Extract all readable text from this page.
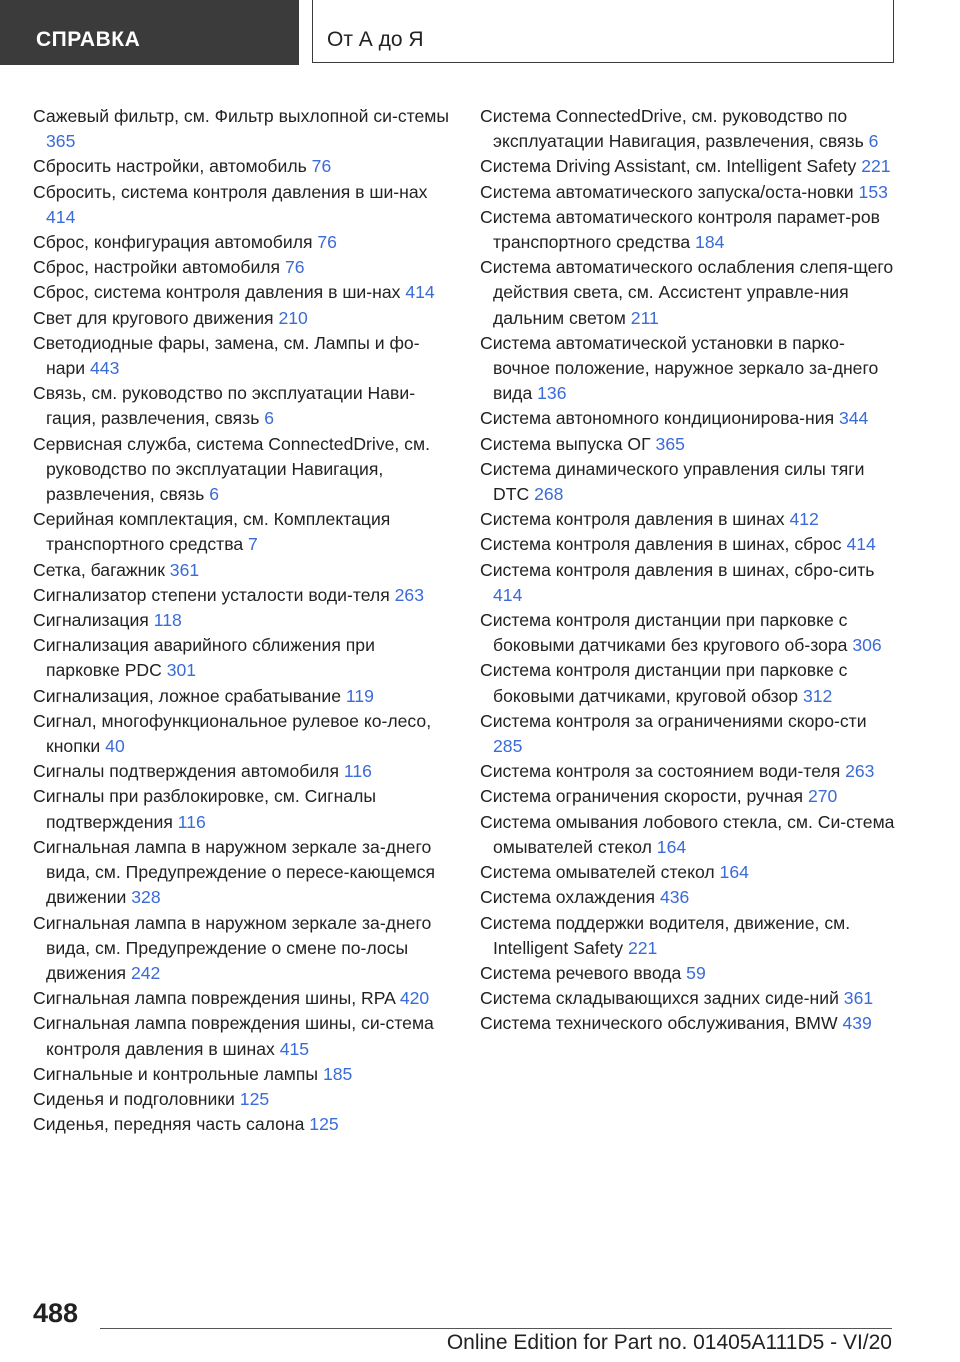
СПРАВКА	От А до Я
Сажевый фильтр, см. Фильтр выхлопной си-стемы 365
Сбросить настройки, автомобиль 76
Сбросить, система контроля давления в ши-нах 414
Сброс, конфигурация автомобиля 76
Сброс, настройки автомобиля 76
Сброс, система контроля давления в ши-нах 414
Свет для кругового движения 210
Светодиодные фары, замена, см. Лампы и фо-нари 443
Связь, см. руководство по эксплуатации Нави-гация, развлечения, связь 6
Сервисная служба, система ConnectedDrive, см. руководство по эксплуатации Навигация, развлечения, связь 6
Серийная комплектация, см. Комплектация транспортного средства 7
Сетка, багажник 361
Сигнализатор степени усталости води-теля 263
Сигнализация 118
Сигнализация аварийного сближения при парковке PDC 301
Сигнализация, ложное срабатывание 119
Сигнал, многофункциональное рулевое ко-лесо, кнопки 40
Сигналы подтверждения автомобиля 116
Сигналы при разблокировке, см. Сигналы подтверждения 116
Сигнальная лампа в наружном зеркале за-днего вида, см. Предупреждение о пересе-кающемся движении 328
Сигнальная лампа в наружном зеркале за-днего вида, см. Предупреждение о смене по-лосы движения 242
Сигнальная лампа повреждения шины, RPA 420
Сигнальная лампа повреждения шины, си-стема контроля давления в шинах 415
Сигнальные и контрольные лампы 185
Сиденья и подголовники 125
Сиденья, передняя часть салона 125
Система ConnectedDrive, см. руководство по эксплуатации Навигация, развлечения, связь 6
Система Driving Assistant, см. Intelligent Safety 221
Система автоматического запуска/оста-новки 153
Система автоматического контроля парамет-ров транспортного средства 184
Система автоматического ослабления слепя-щего действия света, см. Ассистент управле-ния дальним светом 211
Система автоматической установки в парко-вочное положение, наружное зеркало за-днего вида 136
Система автономного кондиционирова-ния 344
Система выпуска ОГ 365
Система динамического управления силы тяги DTC 268
Система контроля давления в шинах 412
Система контроля давления в шинах, сброс 414
Система контроля давления в шинах, сбро-сить 414
Система контроля дистанции при парковке с боковыми датчиками без кругового об-зора 306
Система контроля дистанции при парковке с боковыми датчиками, круговой обзор 312
Система контроля за ограничениями скоро-сти 285
Система контроля за состоянием води-теля 263
Система ограничения скорости, ручная 270
Система омывания лобового стекла, см. Си-стема омывателей стекол 164
Система омывателей стекол 164
Система охлаждения 436
Система поддержки водителя, движение, см. Intelligent Safety 221
Система речевого ввода 59
Система складывающихся задних сиде-ний 361
Система технического обслуживания, BMW 439
488
Online Edition for Part no. 01405A111D5 - VI/20
